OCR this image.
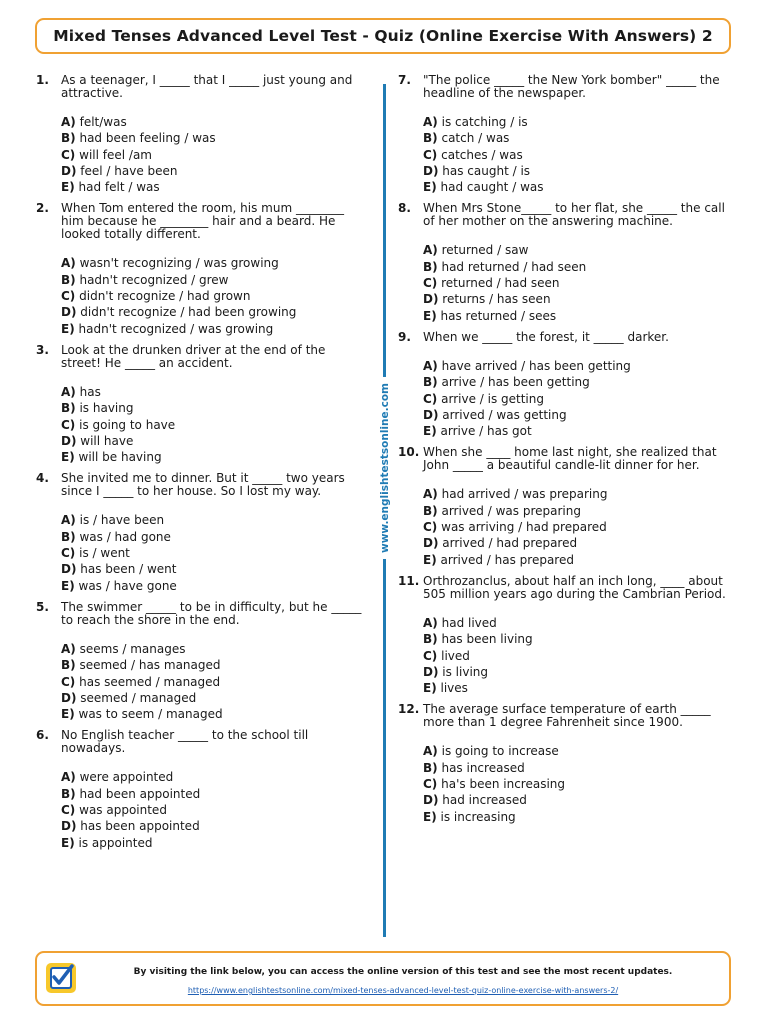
Mixed Tenses Advanced Level Test - Quiz (Online Exercise With Answers) 2
1.	As a teenager, I _____ that I _____ just young and attractive.
A) felt/was
B) had been feeling / was
C) will feel /am
D) feel / have been
E) had felt / was
2.	When Tom entered the room, his mum ________ him because he ________ hair and a beard. He looked totally different.
A) wasn't recognizing / was growing
B) hadn't recognized / grew
C) didn't recognize / had grown
D) didn't recognize / had been growing
E) hadn't recognized / was growing
3.	Look at the drunken driver at the end of the street! He _____ an accident.
A) has
B) is having
C) is going to have
D) will have
E) will be having
4.	She invited me to dinner. But it _____ two years since I _____ to her house. So I lost my way.
A) is / have been
B) was / had gone
C) is / went
D) has been / went
E) was / have gone
5.	The swimmer _____ to be in difficulty, but he _____ to reach the shore in the end.
A) seems / manages
B) seemed / has managed
C) has seemed / managed
D) seemed / managed
E) was to seem / managed
6.	No English teacher _____ to the school till nowadays.
A) were appointed
B) had been appointed
C) was appointed
D) has been appointed
E) is appointed
www.englishtestsonline.com
7.	"The police _____ the New York bomber" _____ the headline of the newspaper.
A) is catching / is
B) catch / was
C) catches / was
D) has caught / is
E) had caught / was
8.	When Mrs Stone_____ to her flat, she _____ the call of her mother on the answering machine.
A) returned / saw
B) had returned / had seen
C) returned / had seen
D) returns / has seen
E) has returned / sees
9.	When we _____ the forest, it _____ darker.
A) have arrived / has been getting
B) arrive / has been getting
C) arrive / is getting
D) arrived / was getting
E) arrive / has got
10. When she ____ home last night, she realized that John _____ a beautiful candle-lit dinner for her.
A) had arrived / was preparing
B) arrived / was preparing
C) was arriving / had prepared
D) arrived / had prepared
E) arrived / has prepared
11. Orthrozanclus, about half an inch long, ____ about 505 million years ago during the Cambrian Period.
A) had lived
B) has been living
C) lived
D) is living
E) lives
12. The average surface temperature of earth _____ more than 1 degree Fahrenheit since 1900.
A) is going to increase
B) has increased
C) ha's been increasing
D) had increased
E) is increasing
By visiting the link below, you can access the online version of this test and see the most recent updates.
https://www.englishtestsonline.com/mixed-tenses-advanced-level-test-quiz-online-exercise-with-answers-2/
